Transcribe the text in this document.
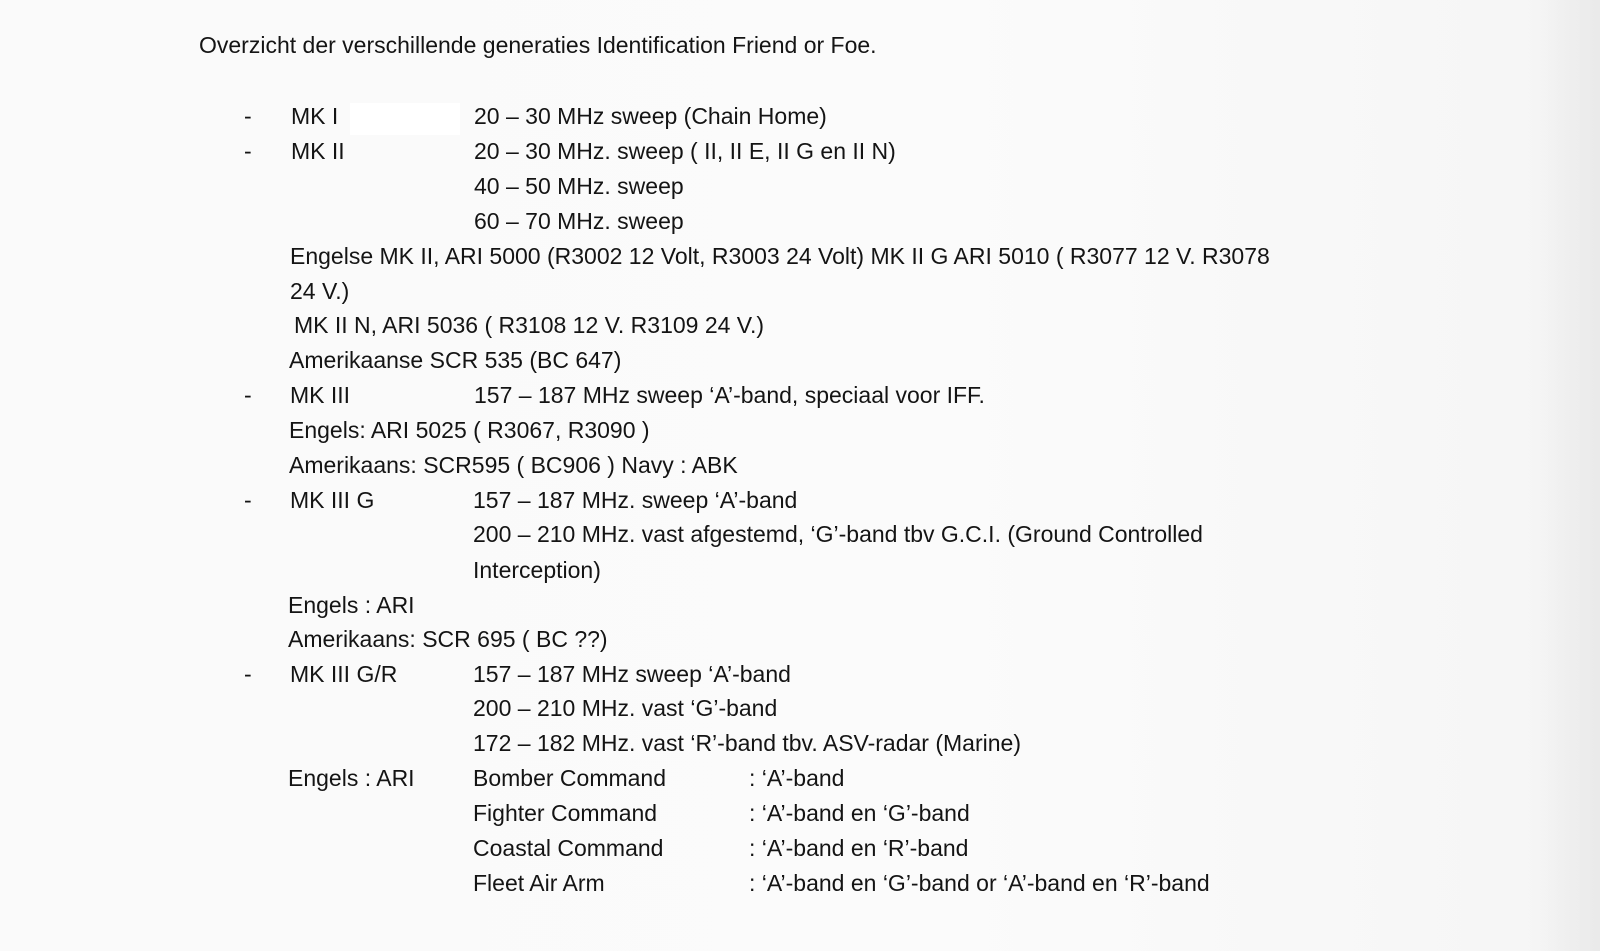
Overzicht der verschillende generaties Identification Friend or Foe.
- MK I	20 – 30 MHz sweep (Chain Home)
- MK II	20 – 30 MHz. sweep ( II, II E, II G en II N)
40 – 50 MHz. sweep
60 – 70 MHz. sweep
Engelse MK II, ARI 5000 (R3002 12 Volt, R3003 24 Volt) MK II G ARI 5010 ( R3077 12 V. R3078
24 V.)
MK II N, ARI 5036 ( R3108 12 V. R3109 24 V.)
Amerikaanse SCR 535 (BC 647)
- MK III	157 – 187 MHz sweep ‘A’-band, speciaal voor IFF.
Engels: ARI 5025 ( R3067, R3090 )
Amerikaans: SCR595 ( BC906 ) Navy : ABK
- MK III G	157 – 187 MHz. sweep ‘A’-band
200 – 210 MHz. vast afgestemd, ‘G’-band tbv G.C.I. (Ground Controlled
Interception)
Engels : ARI
Amerikaans: SCR 695 ( BC ??)
- MK III G/R	157 – 187 MHz sweep ‘A’-band
200 – 210 MHz. vast ‘G’-band
172 – 182 MHz. vast ‘R’-band tbv. ASV-radar (Marine)
Engels : ARI	Bomber Command	: ‘A’-band
Fighter Command	: ‘A’-band en ‘G’-band
Coastal Command	: ‘A’-band en ‘R’-band
Fleet Air Arm	: ‘A’-band en ‘G’-band or ‘A’-band en ‘R’-band
